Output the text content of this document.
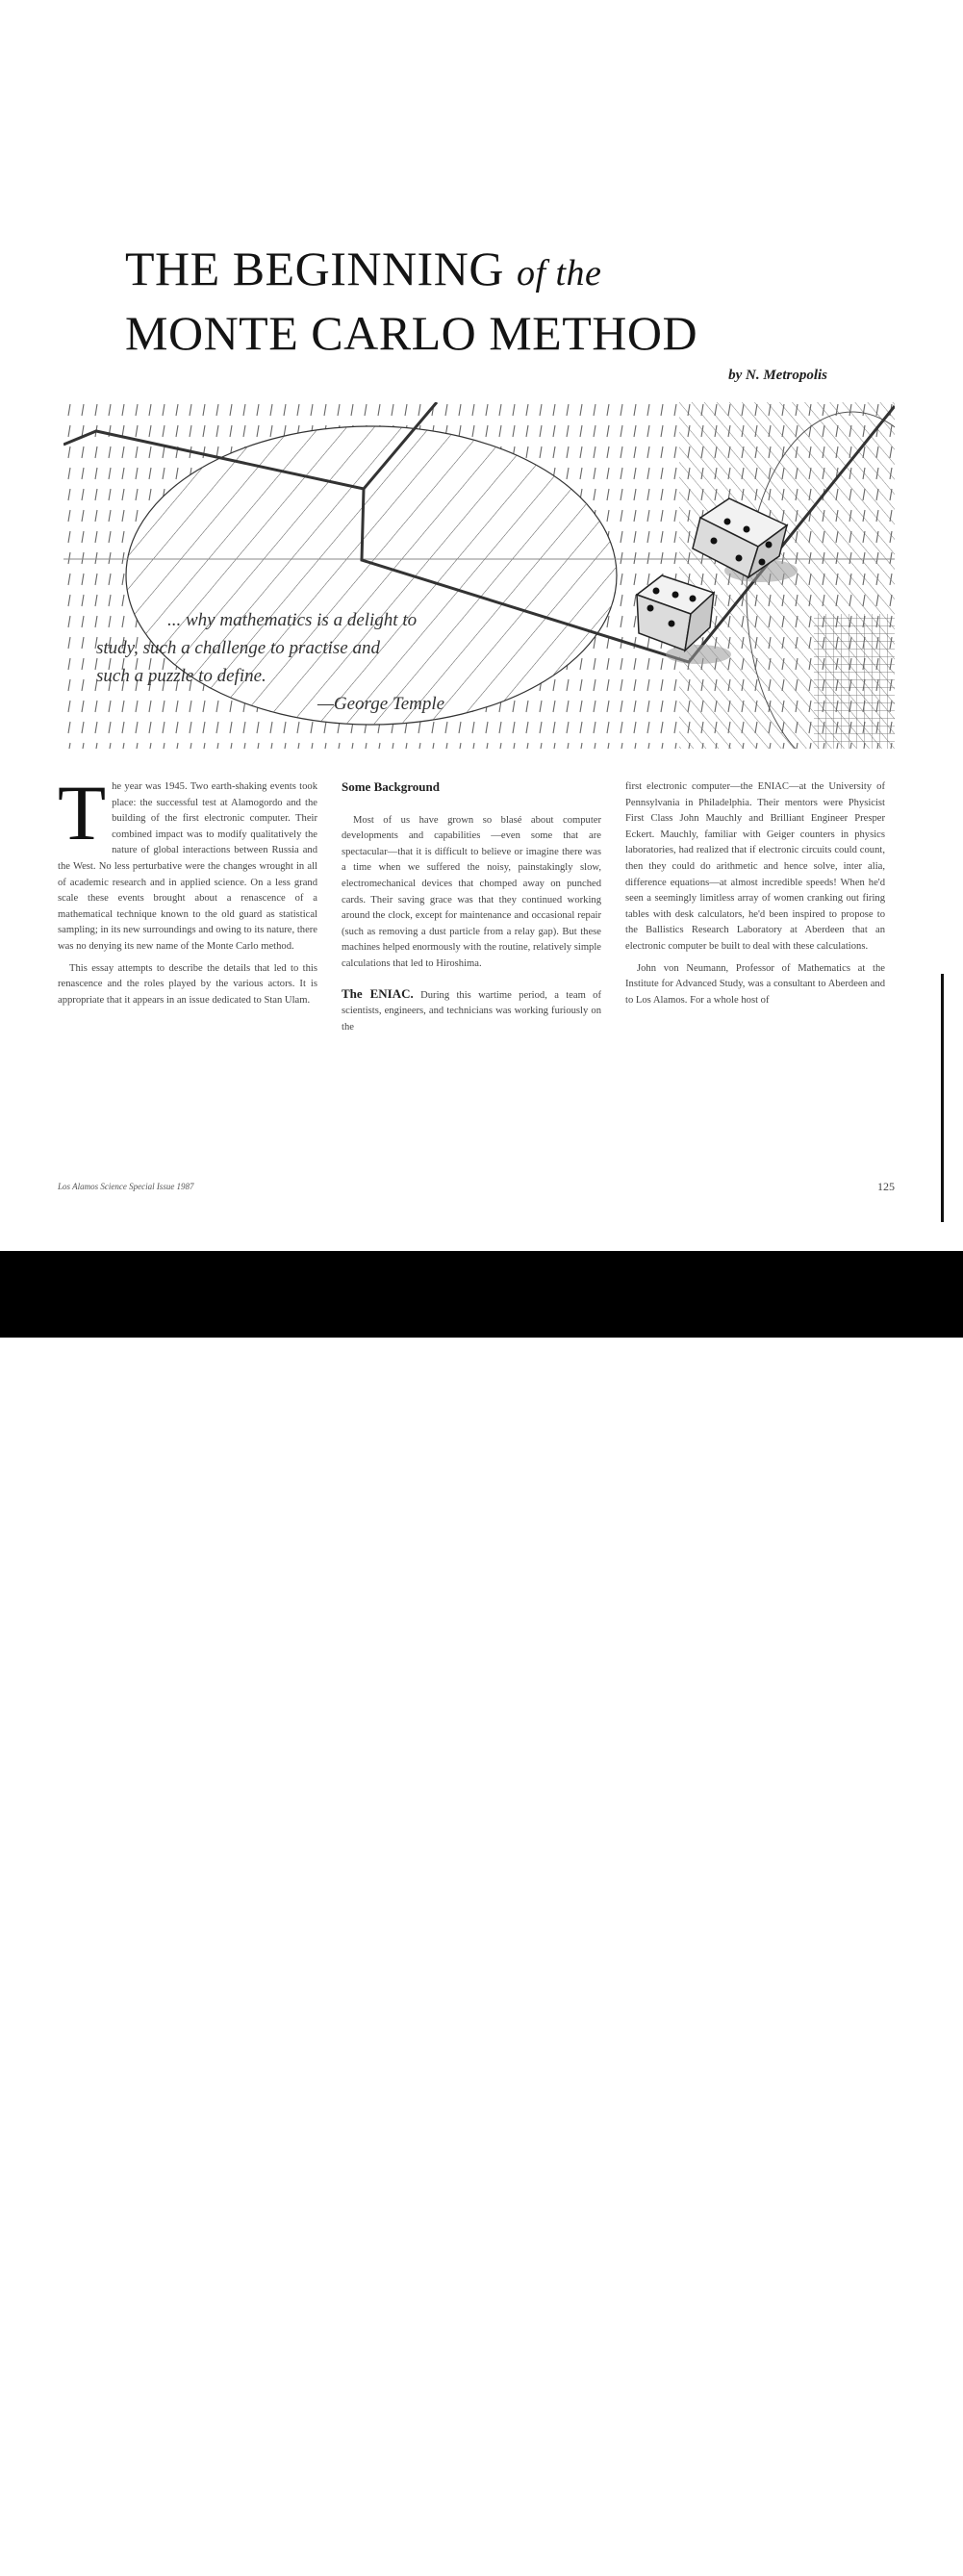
THE BEGINNING of the
MONTE CARLO METHOD
by N. Metropolis
... why mathematics is a delight to
study, such a challenge to practise and
such a puzzle to define.
—George Temple
T he year was 1945. Two earth-shaking events took place: the successful test at Alamogordo and the building of the first electronic computer. Their combined impact was to modify qualitatively the nature of global interactions between Russia and the West. No less perturbative were the changes wrought in all of academic research and in applied science. On a less grand scale these events brought about a renascence of a mathematical technique known to the old guard as statistical sampling; in its new surroundings and owing to its nature, there was no denying its new name of the Monte Carlo method.

This essay attempts to describe the details that led to this renascence and the roles played by the various actors. It is appropriate that it appears in an issue dedicated to Stan Ulam.

Some Background

Most of us have grown so blasé about computer developments and capabilities —even some that are spectacular—that it is difficult to believe or imagine there was a time when we suffered the noisy, painstakingly slow, electromechanical devices that chomped away on punched cards. Their saving grace was that they continued working around the clock, except for maintenance and occasional repair (such as removing a dust particle from a relay gap). But these machines helped enormously with the routine, relatively simple calculations that led to Hiroshima.

The ENIAC. During this wartime period, a team of scientists, engineers, and technicians was working furiously on the

first electronic computer—the ENIAC—at the University of Pennsylvania in Philadelphia. Their mentors were Physicist First Class John Mauchly and Brilliant Engineer Presper Eckert. Mauchly, familiar with Geiger counters in physics laboratories, had realized that if electronic circuits could count, then they could do arithmetic and hence solve, inter alia, difference equations—at almost incredible speeds! When he'd seen a seemingly limitless array of women cranking out firing tables with desk calculators, he'd been inspired to propose to the Ballistics Research Laboratory at Aberdeen that an electronic computer be built to deal with these calculations.

John von Neumann, Professor of Mathematics at the Institute for Advanced Study, was a consultant to Aberdeen and to Los Alamos. For a whole host of

Los Alamos Science Special Issue 1987	125
alamy	HA6W59
www.alamy.com
